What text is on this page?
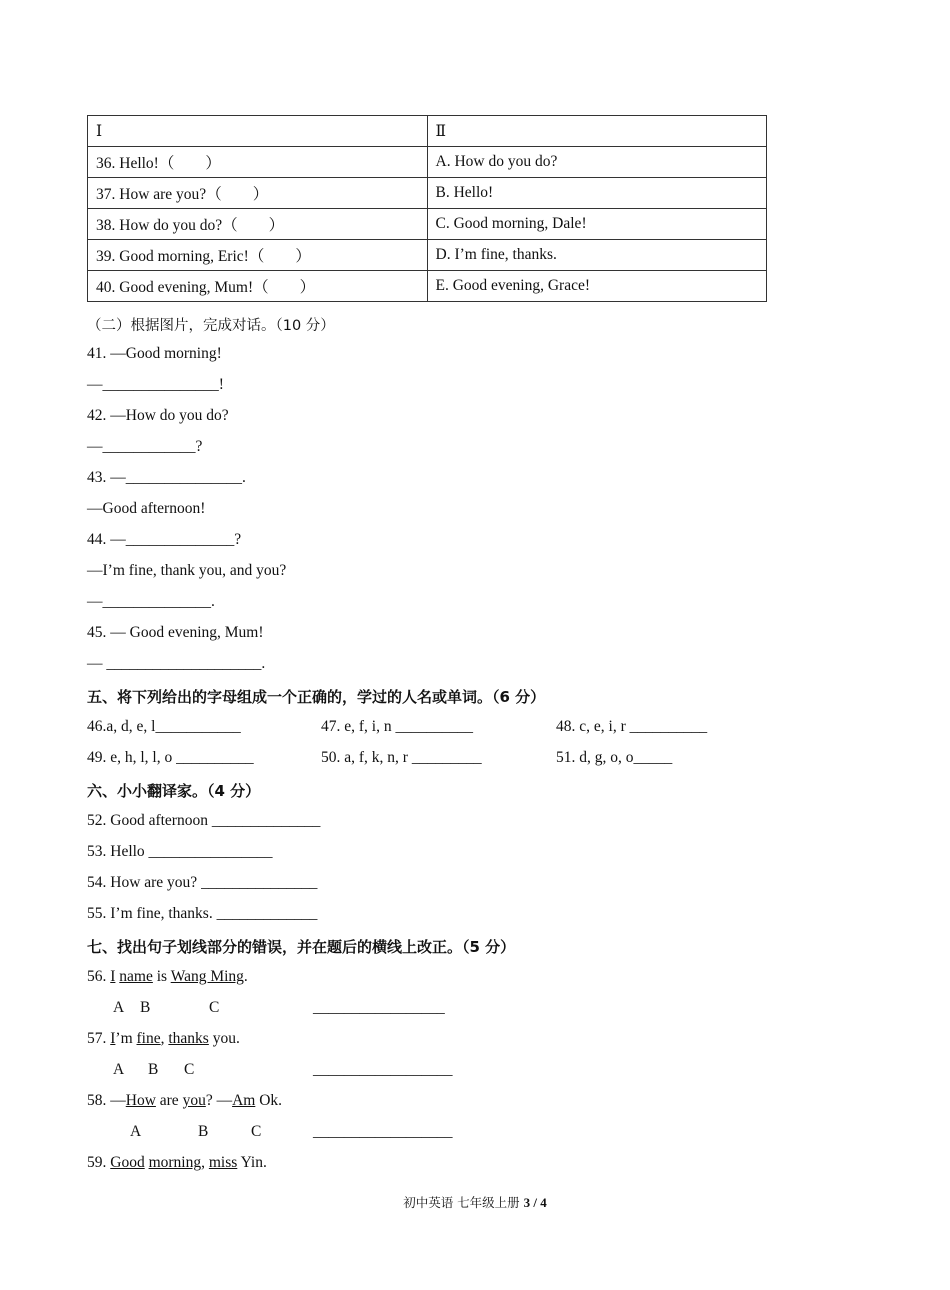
Ⅰ	Ⅱ
36. Hello!（　　）	A. How do you do?
37. How are you?（　　）	B. Hello!
38. How do you do?（　　）	C. Good morning, Dale!
39. Good morning, Eric!（　　）	D. I’m fine, thanks.
40. Good evening, Mum!（　　）	E. Good evening, Grace!
（二）根据图片，完成对话。（10 分）
41. —Good morning!
—_______________!
42. —How do you do?
—____________?
43. —_______________.
—Good afternoon!
44. —______________?
—I’m fine, thank you, and you?
—______________.
45. — Good evening, Mum!
— ____________________.
五、将下列给出的字母组成一个正确的，学过的人名或单词。（6 分）
46.a, d, e, l___________	47. e, f, i, n __________	48. c, e, i, r __________
49. e, h, l, l, o __________	50. a, f, k, n, r _________	51. d, g, o, o_____
六、小小翻译家。（4 分）
52. Good afternoon ______________
53. Hello ________________
54. How are you? _______________
55. I’m fine, thanks. _____________
七、找出句子划线部分的错误，并在题后的横线上改正。（5 分）
56. I name is Wang Ming.
A B	C	_________________
57. I’m fine, thanks you.
A B C	__________________
58. —How are you? —Am Ok.
A	B	C	__________________
59. Good morning, miss Yin.
初中英语 七年级上册 3 / 4
